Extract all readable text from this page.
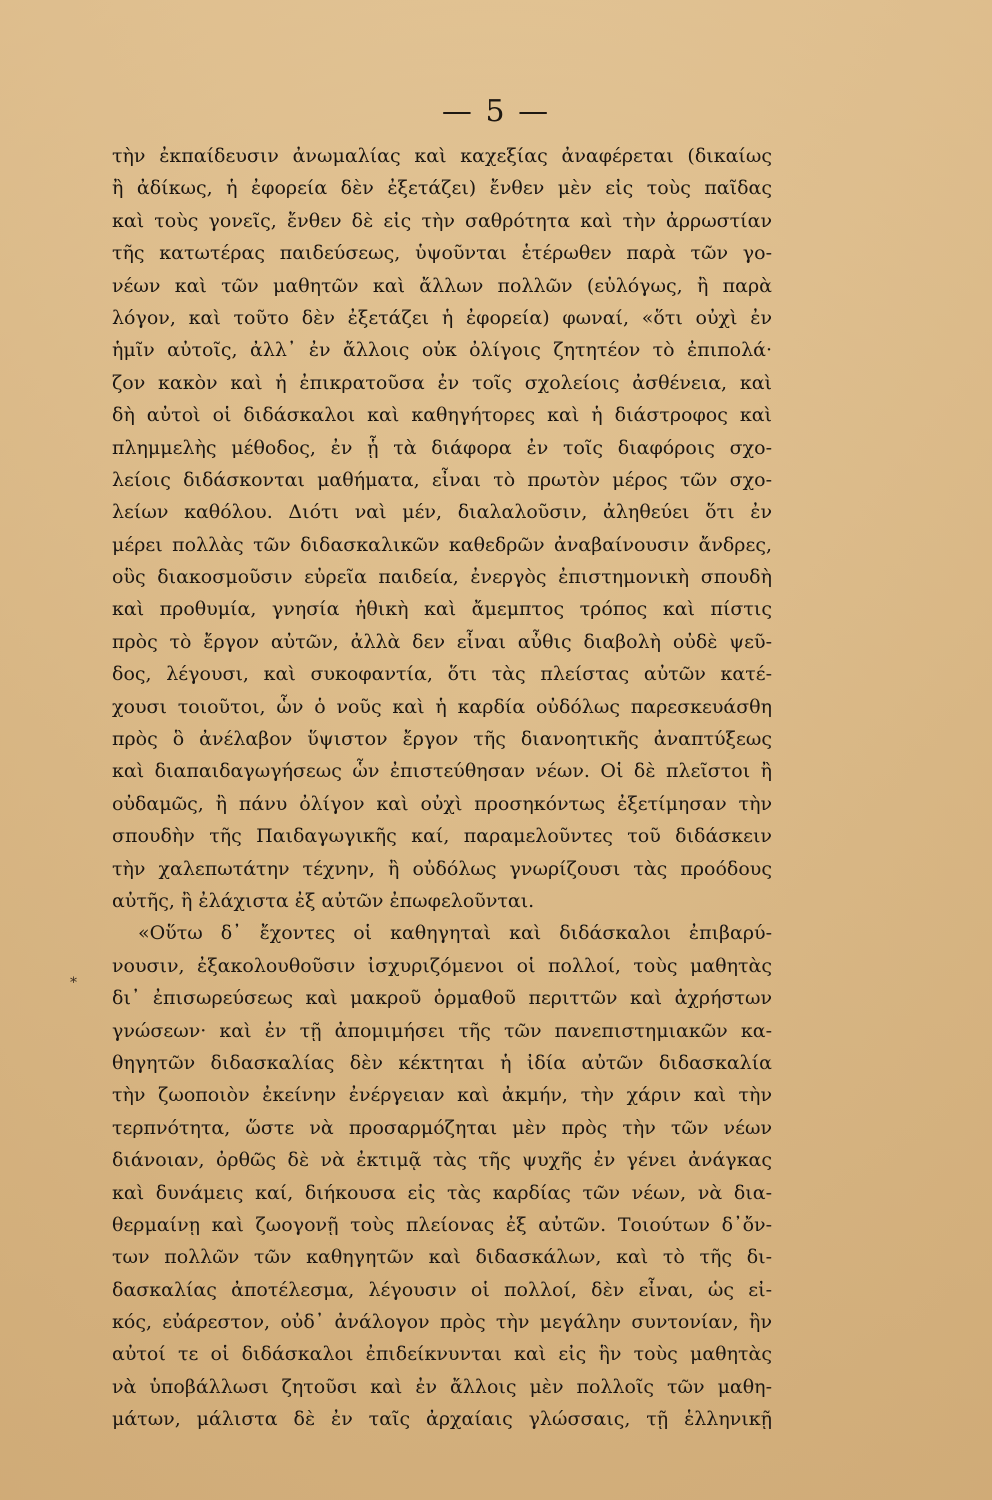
— 5 —
*
τὴν ἐκπαίδευσιν ἀνωμαλίας καὶ καχεξίας ἀναφέρεται (δικαίως
ἢ ἀδίκως, ἡ ἐφορεία δὲν ἐξετάζει) ἔνθεν μὲν εἰς τοὺς παῖδας
καὶ τοὺς γονεῖς, ἔνθεν δὲ εἰς τὴν σαθρότητα καὶ τὴν ἀρρωστίαν
τῆς κατωτέρας παιδεύσεως, ὑψοῦνται ἑτέρωθεν παρὰ τῶν γο-
νέων καὶ τῶν μαθητῶν καὶ ἄλλων πολλῶν (εὐλόγως, ἢ παρὰ
λόγον, καὶ τοῦτο δὲν ἐξετάζει ἡ ἐφορεία) φωναί, «ὅτι οὐχὶ ἐν
ἡμῖν αὐτοῖς, ἀλλ᾿ ἐν ἄλλοις οὐκ ὀλίγοις ζητητέον τὸ ἐπιπολά·
ζον κακὸν καὶ ἡ ἐπικρατοῦσα ἐν τοῖς σχολείοις ἀσθένεια, καὶ
δὴ αὐτοὶ οἱ διδάσκαλοι καὶ καθηγήτορες καὶ ἡ διάστροφος καὶ
πλημμελὴς μέθοδος, ἐν ᾗ τὰ διάφορα ἐν τοῖς διαφόροις σχο-
λείοις διδάσκονται μαθήματα, εἶναι τὸ πρωτὸν μέρος τῶν σχο-
λείων καθόλου. Διότι ναὶ μέν, διαλαλοῦσιν, ἀληθεύει ὅτι ἐν
μέρει πολλὰς τῶν διδασκαλικῶν καθεδρῶν ἀναβαίνουσιν ἄνδρες,
οὓς διακοσμοῦσιν εὐρεῖα παιδεία, ἐνεργὸς ἐπιστημονικὴ σπουδὴ
καὶ προθυμία, γνησία ἠθικὴ καὶ ἄμεμπτος τρόπος καὶ πίστις
πρὸς τὸ ἔργον αὐτῶν, ἀλλὰ δεν εἶναι αὖθις διαβολὴ οὐδὲ ψεῦ-
δος, λέγουσι, καὶ συκοφαντία, ὅτι τὰς πλείστας αὐτῶν κατέ-
χουσι τοιοῦτοι, ὧν ὁ νοῦς καὶ ἡ καρδία οὐδόλως παρεσκευάσθη
πρὸς ὃ ἀνέλαβον ὕψιστον ἔργον τῆς διανοητικῆς ἀναπτύξεως
καὶ διαπαιδαγωγήσεως ὧν ἐπιστεύθησαν νέων. Οἱ δὲ πλεῖστοι ἢ
οὐδαμῶς, ἢ πάνυ ὀλίγον καὶ οὐχὶ προσηκόντως ἐξετίμησαν τὴν
σπουδὴν τῆς Παιδαγωγικῆς καί, παραμελοῦντες τοῦ διδάσκειν
τὴν χαλεπωτάτην τέχνην, ἢ οὐδόλως γνωρίζουσι τὰς προόδους
αὐτῆς, ἢ ἐλάχιστα ἐξ αὐτῶν ἐπωφελοῦνται.
«Οὕτω δ᾿ ἔχοντες οἱ καθηγηταὶ καὶ διδάσκαλοι ἐπιβαρύ-
νουσιν, ἐξακολουθοῦσιν ἰσχυριζόμενοι οἱ πολλοί, τοὺς μαθητὰς
δι᾿ ἐπισωρεύσεως καὶ μακροῦ ὁρμαθοῦ περιττῶν καὶ ἀχρήστων
γνώσεων· καὶ ἐν τῇ ἀπομιμήσει τῆς τῶν πανεπιστημιακῶν κα-
θηγητῶν διδασκαλίας δὲν κέκτηται ἡ ἰδία αὐτῶν διδασκαλία
τὴν ζωοποιὸν ἐκείνην ἐνέργειαν καὶ ἀκμήν, τὴν χάριν καὶ τὴν
τερπνότητα, ὥστε νὰ προσαρμόζηται μὲν πρὸς τὴν τῶν νέων
διάνοιαν, ὀρθῶς δὲ νὰ ἐκτιμᾷ τὰς τῆς ψυχῆς ἐν γένει ἀνάγκας
καὶ δυνάμεις καί, διήκουσα εἰς τὰς καρδίας τῶν νέων, νὰ δια-
θερμαίνῃ καὶ ζωογονῇ τοὺς πλείονας ἐξ αὐτῶν. Τοιούτων δ᾿ὄν-
των πολλῶν τῶν καθηγητῶν καὶ διδασκάλων, καὶ τὸ τῆς δι-
δασκαλίας ἀποτέλεσμα, λέγουσιν οἱ πολλοί, δὲν εἶναι, ὡς εἰ-
κός, εὐάρεστον, οὐδ᾿ ἀνάλογον πρὸς τὴν μεγάλην συντονίαν, ἣν
αὐτοί τε οἱ διδάσκαλοι ἐπιδείκνυνται καὶ εἰς ἣν τοὺς μαθητὰς
νὰ ὑποβάλλωσι ζητοῦσι καὶ ἐν ἄλλοις μὲν πολλοῖς τῶν μαθη-
μάτων, μάλιστα δὲ ἐν ταῖς ἀρχαίαις γλώσσαις, τῇ ἑλληνικῇ
